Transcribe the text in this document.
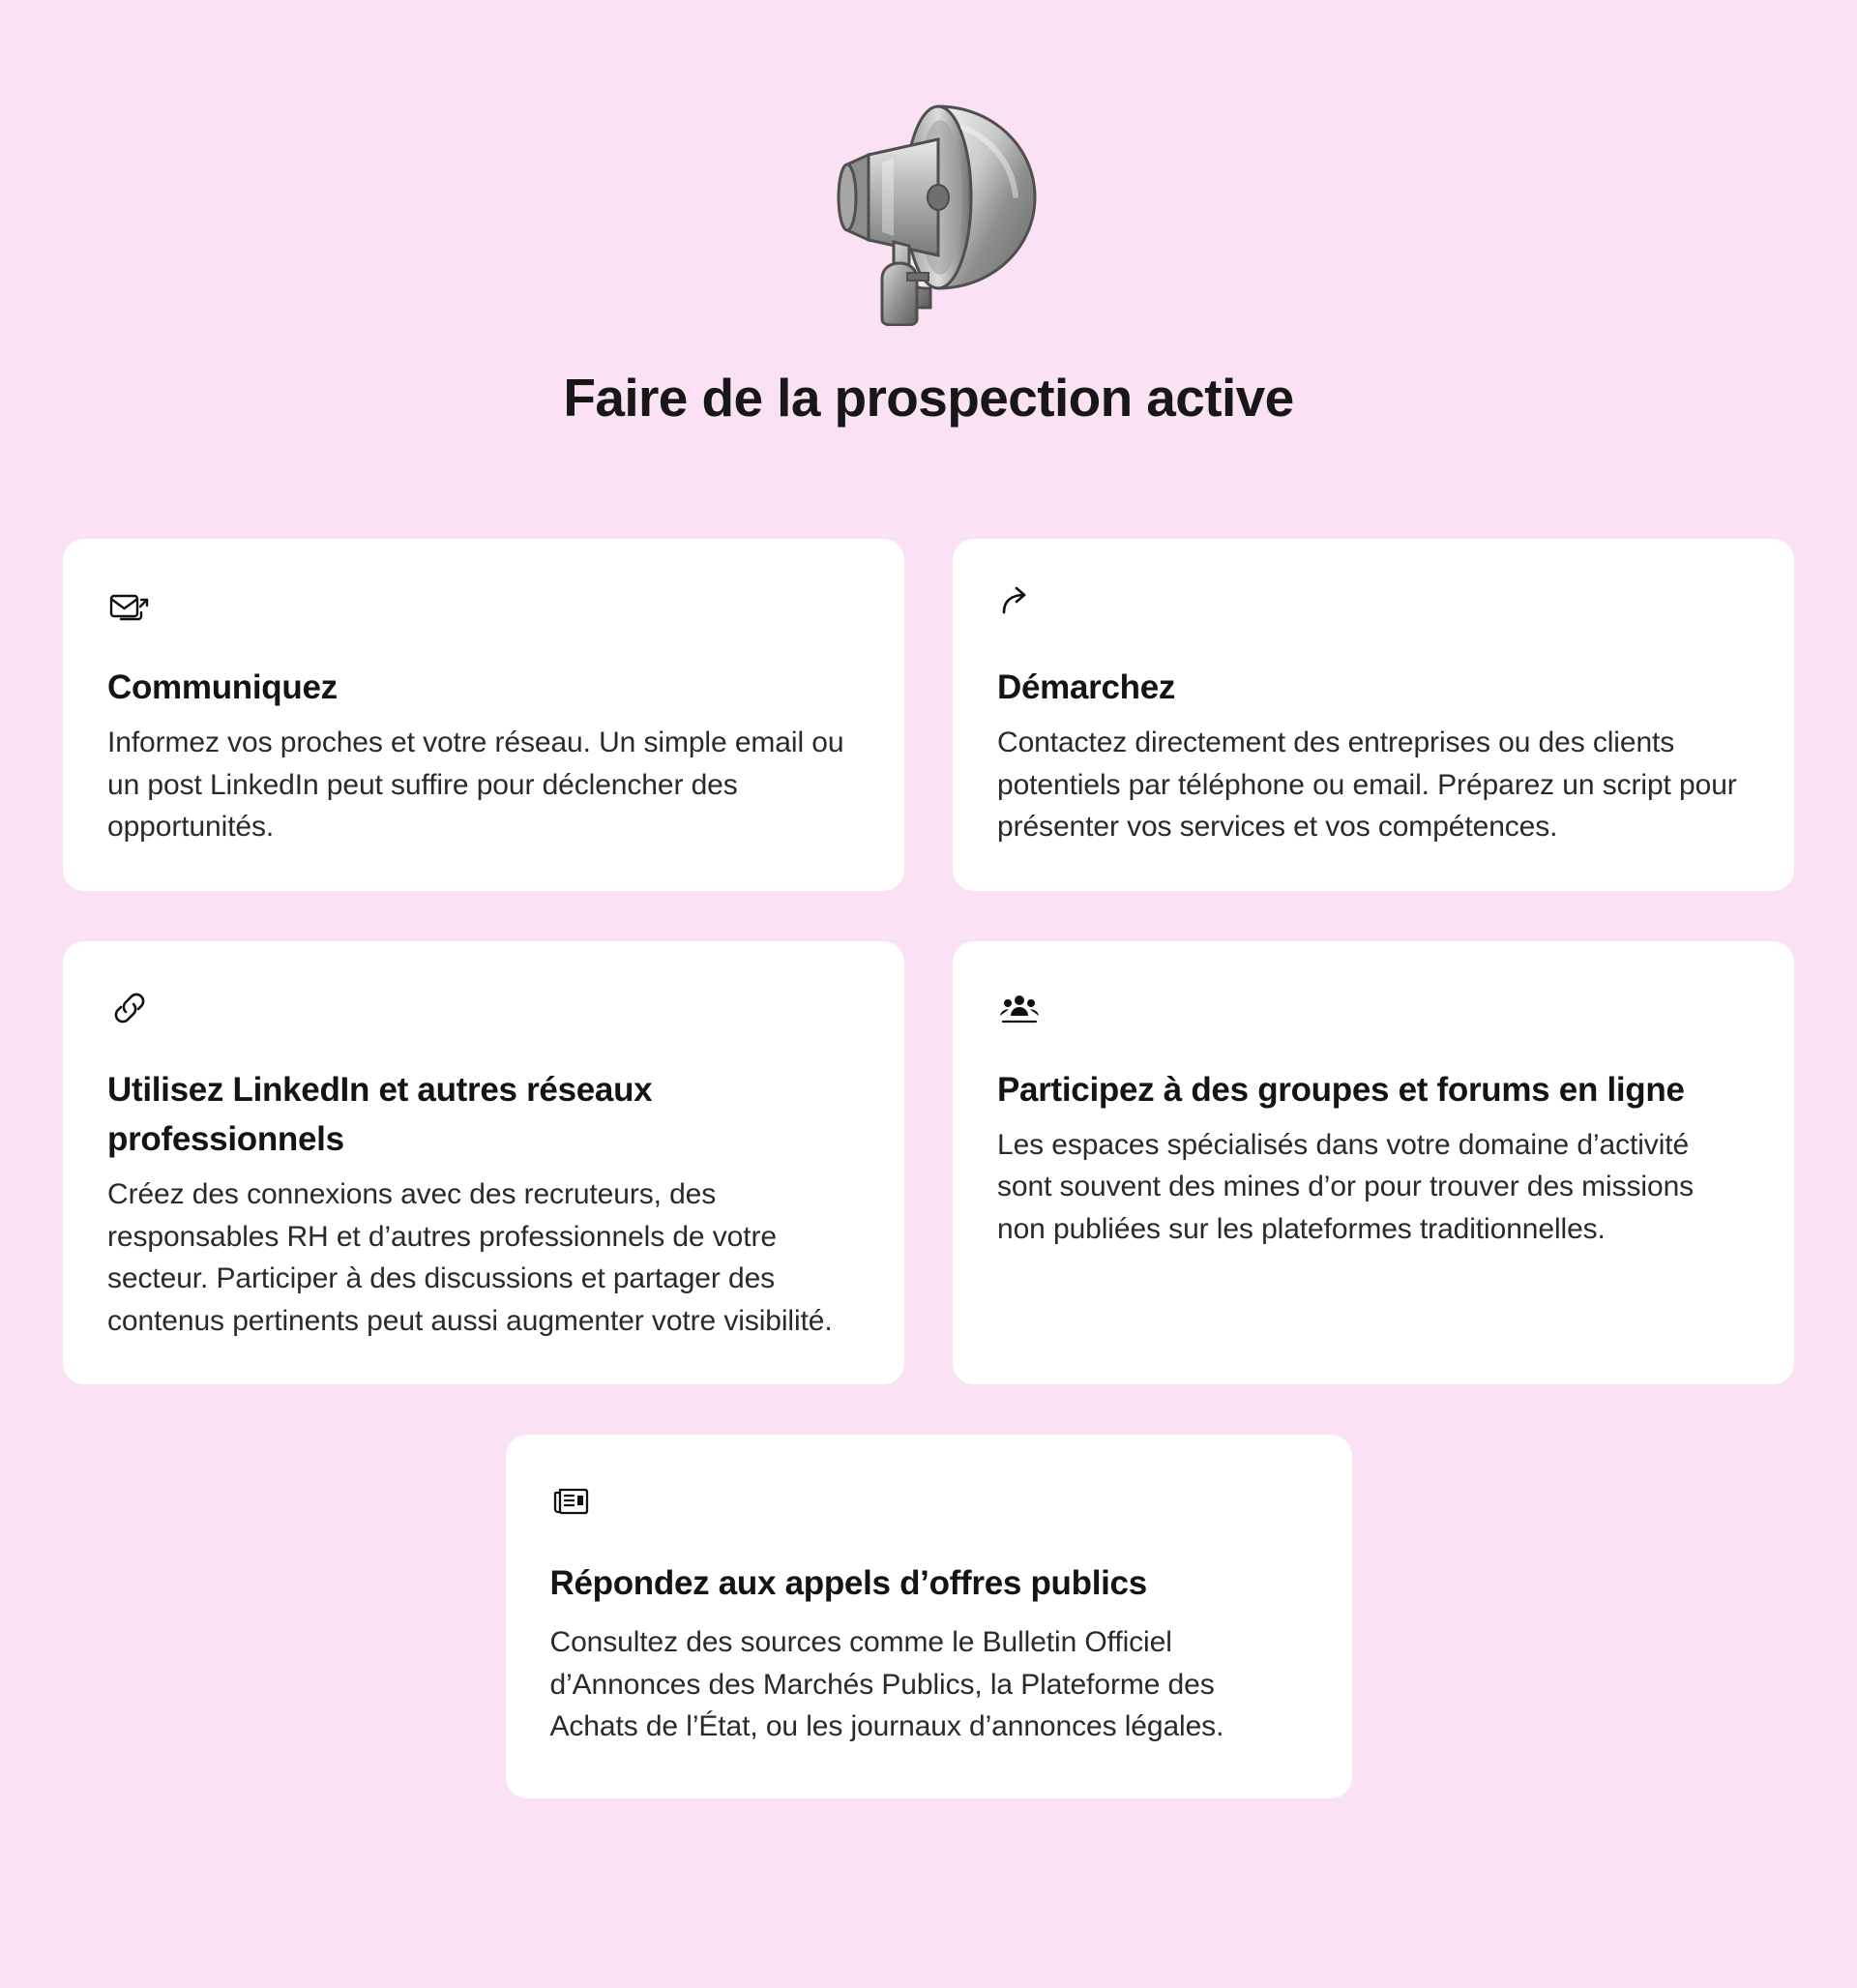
Faire de la prospection active
Communiquez

Informez vos proches et votre réseau. Un simple email ou un post LinkedIn peut suffire pour déclencher des opportunités.

Démarchez

Contactez directement des entreprises ou des clients potentiels par téléphone ou email. Préparez un script pour présenter vos services et vos compétences.

Utilisez LinkedIn et autres réseaux professionnels

Créez des connexions avec des recruteurs, des responsables RH et d’autres professionnels de votre secteur. Participer à des discussions et partager des contenus pertinents peut aussi augmenter votre visibilité.

Participez à des groupes et forums en ligne

Les espaces spécialisés dans votre domaine d’activité sont souvent des mines d’or pour trouver des missions non publiées sur les plateformes traditionnelles.

Répondez aux appels d’offres publics

Consultez des sources comme le Bulletin Officiel d’Annonces des Marchés Publics, la Plateforme des Achats de l’État, ou les journaux d’annonces légales.
